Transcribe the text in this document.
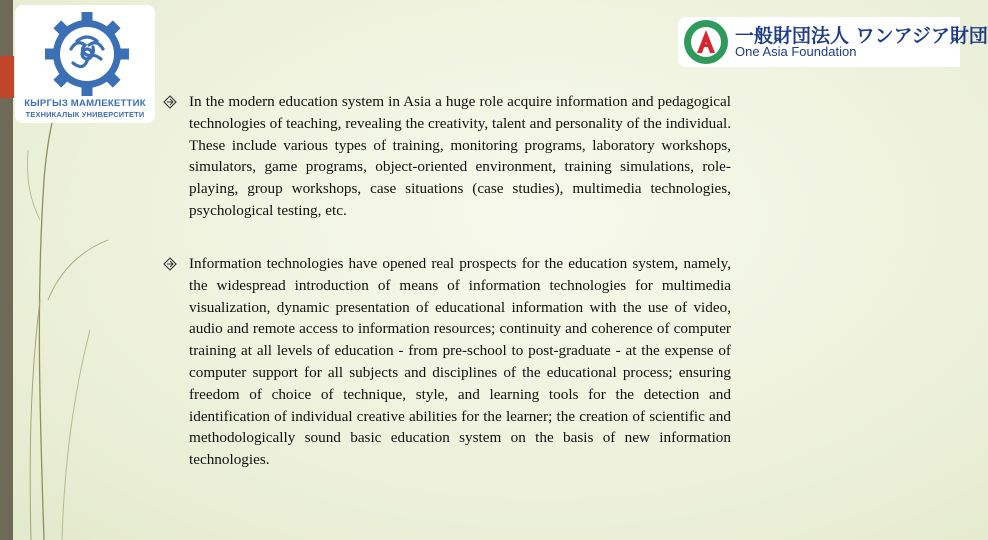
КЫРГЫЗ МАМЛЕКЕТТИК
ТЕХНИКАЛЫК УНИВЕРСИТЕТИ
一般財団法人 ワンアジア財団
One Asia Foundation

In the modern education system in Asia a huge role acquire information and pedagogical technologies of teaching, revealing the creativity, talent and personality of the individual. These include various types of training, monitoring programs, laboratory workshops, simulators, game programs, object-oriented environment, training simulations, role-playing, group workshops, case situations (case studies), multimedia technologies, psychological testing, etc.

Information technologies have opened real prospects for the education system, namely, the widespread introduction of means of information technologies for multimedia visualization, dynamic presentation of educational information with the use of video, audio and remote access to information resources; continuity and coherence of computer training at all levels of education - from pre-school to post-graduate - at the expense of computer support for all subjects and disciplines of the educational process; ensuring freedom of choice of technique, style, and learning tools for the detection and identification of individual creative abilities for the learner; the creation of scientific and methodologically sound basic education system on the basis of new information technologies.
